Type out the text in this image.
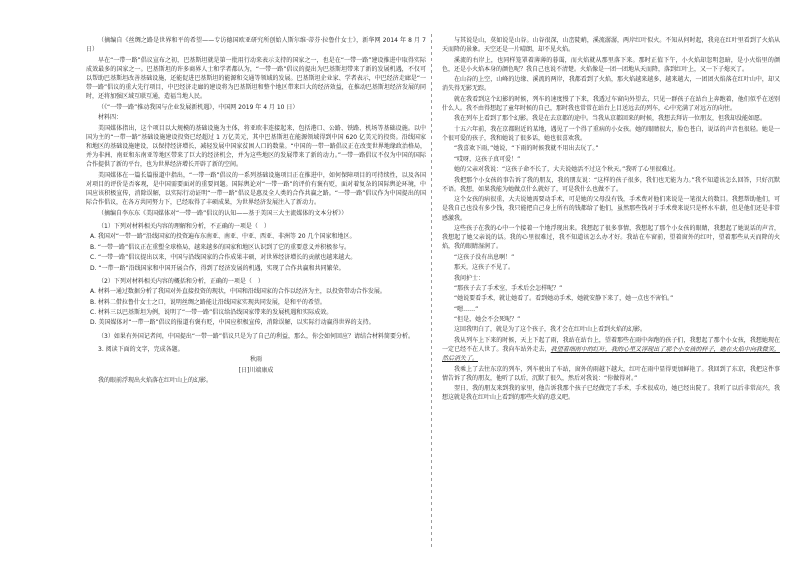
（摘编自《丝绸之路是世界和平的希望——专访德国欧亚研究所创始人斯尔维·蒂芬·拉鲁什女士》，新华网 2014 年 8 月 7 日）

早在“一带一路”倡议宣布之初，巴基斯坦就是第一批用行动来表示支持的国家之一，也是在“一带一路”建设推进中取得实际成效最多的国家之一。巴基斯坦的许多商界人士和学者都认为，“一带一路”倡议的提出为巴基斯坦带来了新的发展机遇，不仅可以帮助巴基斯坦改善基础设施，还能促进巴基斯坦的能源和交通等领域的发展。巴基斯坦企业家、学者表示，中巴经济走廊是“一带一路”倡议的重大先行项目，中巴经济走廊的建设将为巴基斯坦和整个地区带来巨大的经济效益，在推动巴基斯坦经济发展的同时，还将加强区域互联互通，造福当地人民。

（《“一带一路”推动我国与企业发展新机遇》，中国网 2019 年 4 月 10 日）

材料四：

美国媒体指出，这个项目以大规模的基础设施为主体，将亚欧非连接起来，包括港口、公路、铁路、机场等基础设施。以中国为主的“一带一路”基础设施建设投资已经超过 1 万亿美元，其中巴基斯坦在能源领域得到中国 620 亿美元的投资。沿线国家和地区的基础设施建设，以保持经济增长，减轻发展中国家贫困人口的数量。“中国的一带一路倡议正在改变世界地缘政治格局，并为非洲、南亚和东南亚等地区带来了巨大的经济机会，并为这些地区的发展带来了新的动力。”一带一路倡议不仅为中国的国际合作提供了新的平台，也为世界经济增长开辟了新的空间。

美国媒体在一篇长篇报道中指出，“一带一路”倡议的一系列基础设施项目正在推进中，如何保障项目的可持续性，以及各国对项目的评价是否客观，是中国需要面对的重要问题。国际舆论对“一带一路”的评价有褒有贬，面对着复杂的国际舆论环境，中国应该积极宣传，消除误解，以实际行动证明“一带一路”倡议是惠及全人类的合作共赢之路。“一带一路”倡议作为中国提出的国际合作倡议，在各方共同努力下，已经取得了丰硕成果，为世界经济发展注入了新动力。

（摘编自李东东《美国媒体对“一带一路”倡议的认知——基于美国三大主流媒体的文本分析》）

（1）下列对材料相关内容的理解和分析，不正确的一项是（　）

A. 我国对“一带一路”沿线国家的投资遍布东南亚、南亚、中亚、西亚、非洲等 20 几个国家和地区。

B. “一带一路”倡议正在重塑全球格局，越来越多的国家和地区认识到了它的重要意义并积极参与。

C. “一带一路”倡议提出以来，中国与沿线国家的合作成果丰硕，对世界经济增长的贡献也越来越大。

D. “一带一路”沿线国家和中国开展合作，得到了经济发展的机遇，实现了合作共赢和共同繁荣。

（2）下列对材料相关内容的概括和分析，正确的一项是（　）

A. 材料一通过数据分析了我国对外直接投资的现状，中国和沿线国家的合作以经济为主，以投资带动合作发展。

B. 材料二借拉鲁什女士之口，说明丝绸之路能让沿线国家实现共同发展，是和平的希望。

C. 材料三以巴基斯坦为例，说明了“一带一路”倡议给沿线国家带来的发展机遇和实际成效。

D. 美国媒体对“一带一路”倡议的报道有褒有贬，中国应积极宣传，消除误解，以实际行动赢得世界的支持。

（3）如果有外国记者问，中国提出“一带一路”倡议只是为了自己的利益，那么，你会如何回应？请结合材料简要分析。

3. 阅读下面的文字，完成各题。

秋雨

[日]川端康成

我的眼前浮现出火焰落在红叶山上的幻影。

与其说是山，莫如说是山谷。山谷很深，山峦陡峭，溪流潺潺，两岸红叶似火。不知从何时起，我竟在红叶里看到了火焰从天而降的景象。天空还是一片晴朗，却不见火焰。

溪流的右岸上，也同样笼罩着薄薄的暮霭，而火焰就从那里落下来。那时正值下午，小火焰却忽明忽暗，是小火焰里的颜色，还是小火焰本身的颜色呢？我自己也说不清楚。火焰像是一团一团地从天而降，落到红叶上，又一下子熄灭了。

在山谷的上空，山峰的边缘、溪流的两岸，我都看到了火焰，那火焰越来越多，越来越大，一团团火焰落在红叶山中，却又消失得无影无踪。

就在我看到这个幻影的时候，列车的速度慢了下来，我透过车窗向外望去，只见一群孩子在站台上奔跑着，他们似乎在送别什么人。我不由得想起了童年时候的自己，那时我也常常在站台上目送远去的列车，心中充满了对远方的向往。

我在列车上看到了那个幻影。我是在去京都的途中。当我从京都回来的时候，我想去拜访一位朋友，但我却没能如愿。

十五六年前，我在京都附近的某地，遇见了一个得了重病的小女孩。她的眼睛很大，脸色苍白，说话的声音也很轻。她是一个很可爱的孩子，我和她说了很多话，她也很喜欢我。

“我喜欢下雨，”她说，“下雨的时候我就不用出去玩了。”

“哎呀，这孩子真可爱！”

她的父亲对我说：“这孩子命不长了，大夫说她活不过这个秋天。”我听了心里很难过。

我把那个小女孩的事告诉了我的朋友，我的朋友说：“这样的孩子很多，我们也无能为力。”我不知道该怎么回答，只好沉默不语。我想，如果我能为她做点什么就好了，可是我什么也做不了。

这个女孩的病很重，大夫说她需要动手术，可是她的父母没有钱，手术费对他们来说是一笔很大的数目。我想帮助他们，可是我自己也没有多少钱，我只能把自己身上所有的钱都给了他们，虽然那些钱对于手术费来说只是杯水车薪，但是他们还是非常感激我。

这些孩子在我的心中一个接着一个地浮现出来。我想起了很多事情，我想起了那个小女孩的眼睛，我想起了她说话的声音，我想起了她父亲说的话。我的心里很难过，我不知道该怎么办才好。我站在车窗前，望着窗外的红叶，望着那些从天而降的火焰，我的眼睛湿润了。

“这孩子没有出息啊！”

那天，这孩子不见了。

我问护士：

“那孩子去了手术室，手术后会怎样呢？”

“她说要看手术，就让她看了。看到她动手术，她就安静下来了，她一点也不害怕。”

“嗯……”

“但是，她会不会死呢？”

这回我明白了，就是为了这个孩子，我才会在红叶山上看到火焰的幻影。

我从列车上下来的时候，天上下起了雨，我站在站台上，望着那些在雨中奔跑的孩子们，我想起了那个小女孩，我想她现在一定已经不在人世了。我向车站外走去，我望着细雨中的红叶，我的心里又浮现出了那个小女孩的样子，她在火焰中向我微笑，然后消失了。

我乘上了去往东京的列车，列车驶出了车站，窗外的雨越下越大，红叶在雨中显得更加鲜艳了。我回到了东京，我把这件事情告诉了我的朋友，他听了以后，沉默了很久，然后对我说：“你做得对。”

翌日，我的朋友来到我的家里，他告诉我那个孩子已经做完了手术，手术很成功，她已经出院了。我听了以后非常高兴，我想这就是我在红叶山上看到的那些火焰的意义吧。
